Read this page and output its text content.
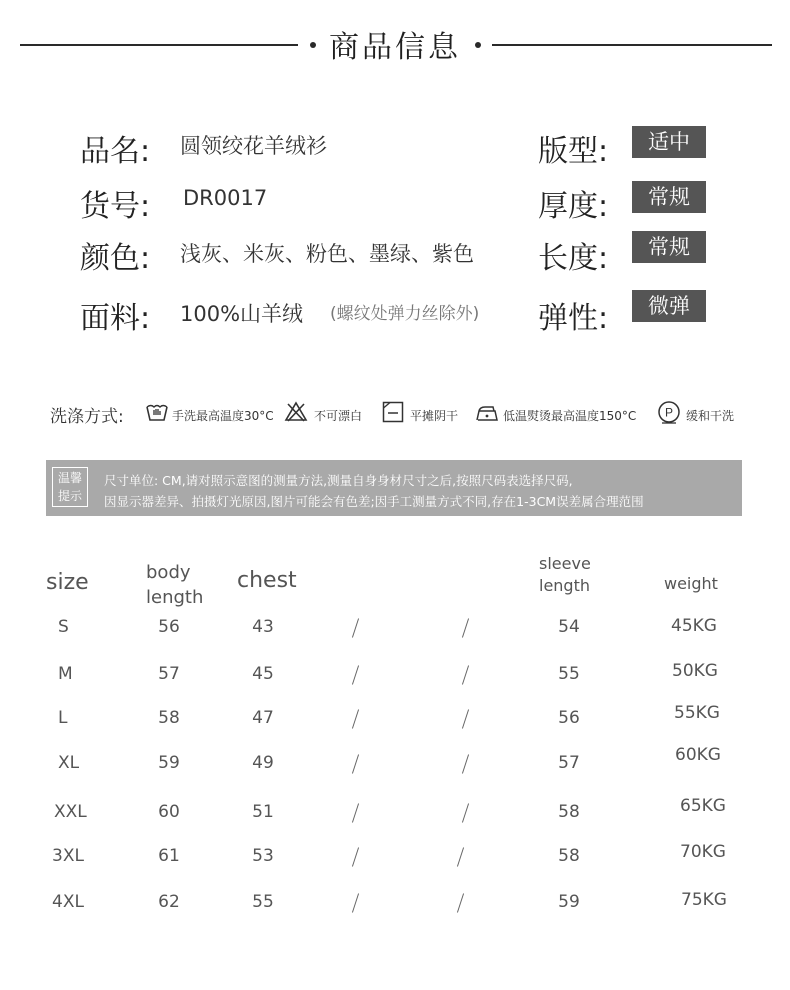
商品信息
品名: 圆领绞花羊绒衫
货号: DR0017
颜色: 浅灰、米灰、粉色、墨绿、紫色
面料: 100%山羊绒 (螺纹处弹力丝除外)
版型:	适中
厚度:	常规
长度:	常规
弹性:	微弹
洗涤方式:	手洗最高温度30°C	不可漂白	平摊阴干	低温熨烫最高温度150°C P 缓和干洗
温馨
提示
尺寸单位: CM,请对照示意图的测量方法,测量自身身材尺寸之后,按照尺码表选择尺码,
因显示器差异、拍摄灯光原因,图片可能会有色差;因手工测量方式不同,存在1-3CM误差属合理范围
size	body
length
chest
sleeve
length	weight
S	56	43	54	45KG
M	57	45	55	50KG
L	58	47	56	55KG
XL	59	49	57	60KG
XXL	60	51	58	65KG
3XL	61	53	58	70KG
4XL	62	55	59	75KG
